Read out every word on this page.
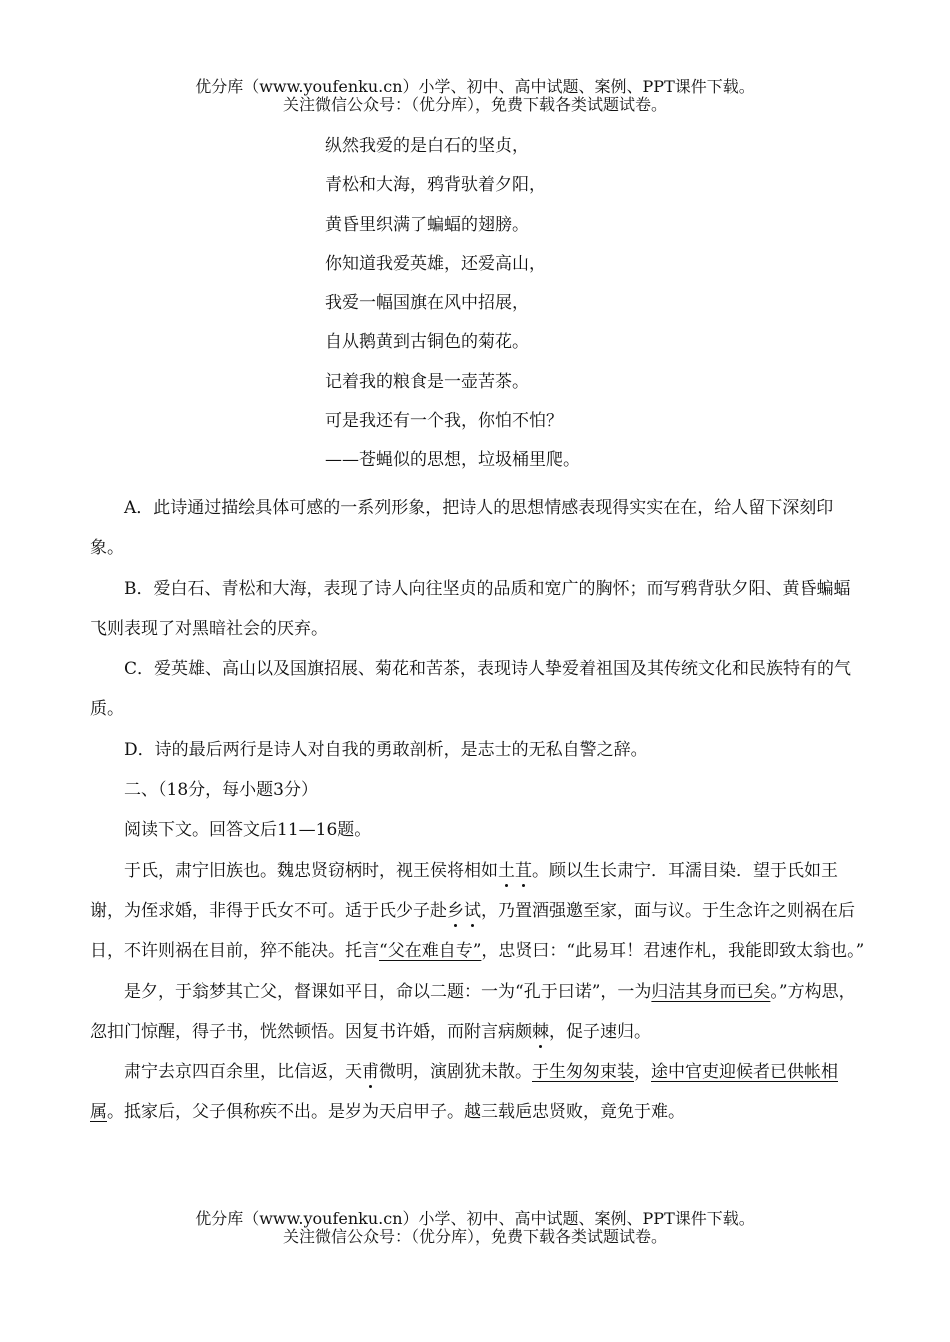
优分库（www.youfenku.cn）小学、初中、高中试题、案例、PPT课件下载。
关注微信公众号：（优分库），免费下载各类试题试卷。
纵然我爱的是白石的坚贞，
青松和大海，鸦背驮着夕阳，
黄昏里织满了蝙蝠的翅膀。
你知道我爱英雄，还爱高山，
我爱一幅国旗在风中招展，
自从鹅黄到古铜色的菊花。
记着我的粮食是一壶苦茶。
可是我还有一个我，你怕不怕？
——苍蝇似的思想，垃圾桶里爬。

A．此诗通过描绘具体可感的一系列形象，把诗人的思想情感表现得实实在在，给人留下深刻印象。

B．爱白石、青松和大海，表现了诗人向往坚贞的品质和宽广的胸怀；而写鸦背驮夕阳、黄昏蝙蝠飞则表现了对黑暗社会的厌弃。

C．爱英雄、高山以及国旗招展、菊花和苦茶，表现诗人挚爱着祖国及其传统文化和民族特有的气质。

D．诗的最后两行是诗人对自我的勇敢剖析，是志士的无私自警之辞。

二、（18分，每小题3分）

阅读下文。回答文后11—16题。

于氏，肃宁旧族也。魏忠贤窃柄时，视王侯将相如土苴。顾以生长肃宁．耳濡目染．望于氏如王谢，为侄求婚，非得于氏女不可。适于氏少子赴乡试，乃置酒强邀至家，面与议。于生念许之则祸在后日，不许则祸在目前，猝不能决。托言“父在难自专”，忠贤曰：“此易耳！君速作札，我能即致太翁也。”

是夕，于翁梦其亡父，督课如平日，命以二题：一为“孔于曰诺”，一为归洁其身而已矣。”方构思，忽扣门惊醒，得子书，恍然顿悟。因复书许婚，而附言病颇棘，促子速归。

肃宁去京四百余里，比信返，天甫微明，演剧犹未散。于生匆匆束装，途中官吏迎候者已供帐相属。抵家后，父子俱称疾不出。是岁为天启甲子。越三载巵忠贤败，竟免于难。

优分库（www.youfenku.cn）小学、初中、高中试题、案例、PPT课件下载。
关注微信公众号：（优分库），免费下载各类试题试卷。
